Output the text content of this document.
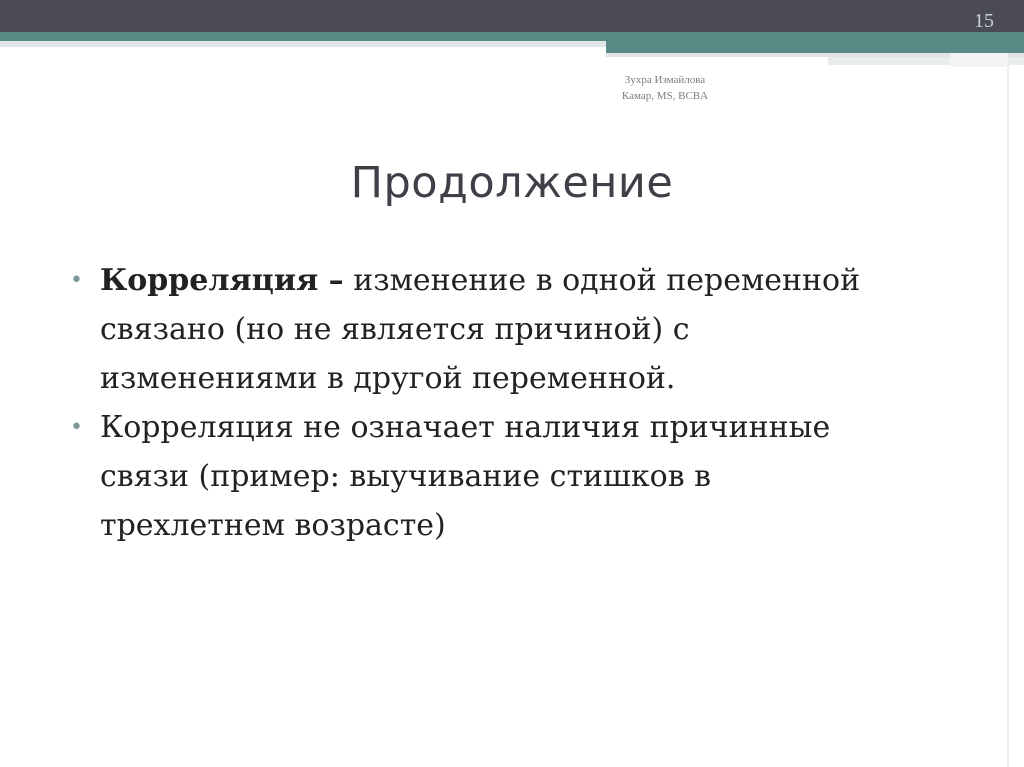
15
Зухра Измайлова
Камар, MS, BCBA
Продолжение
• Корреляция – изменение в одной переменной связано (но не является причиной) с изменениями в другой переменной.
• Корреляция не означает наличия причинные связи (пример: выучивание стишков в трехлетнем возрасте)
